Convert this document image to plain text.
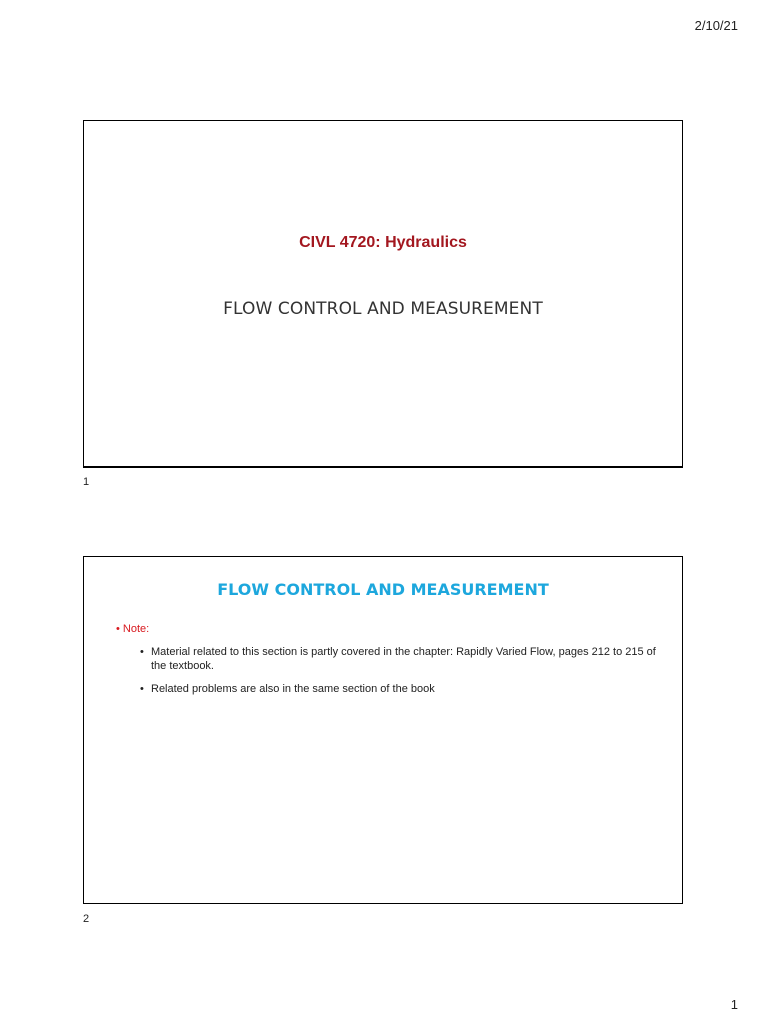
2/10/21
CIVL 4720: Hydraulics
FLOW CONTROL AND MEASUREMENT
1
FLOW CONTROL AND MEASUREMENT
• Note:
• Material related to this section is partly covered in the chapter: Rapidly Varied Flow, pages 212 to 215 of the textbook.
• Related problems are also in the same section of the book
2
1
